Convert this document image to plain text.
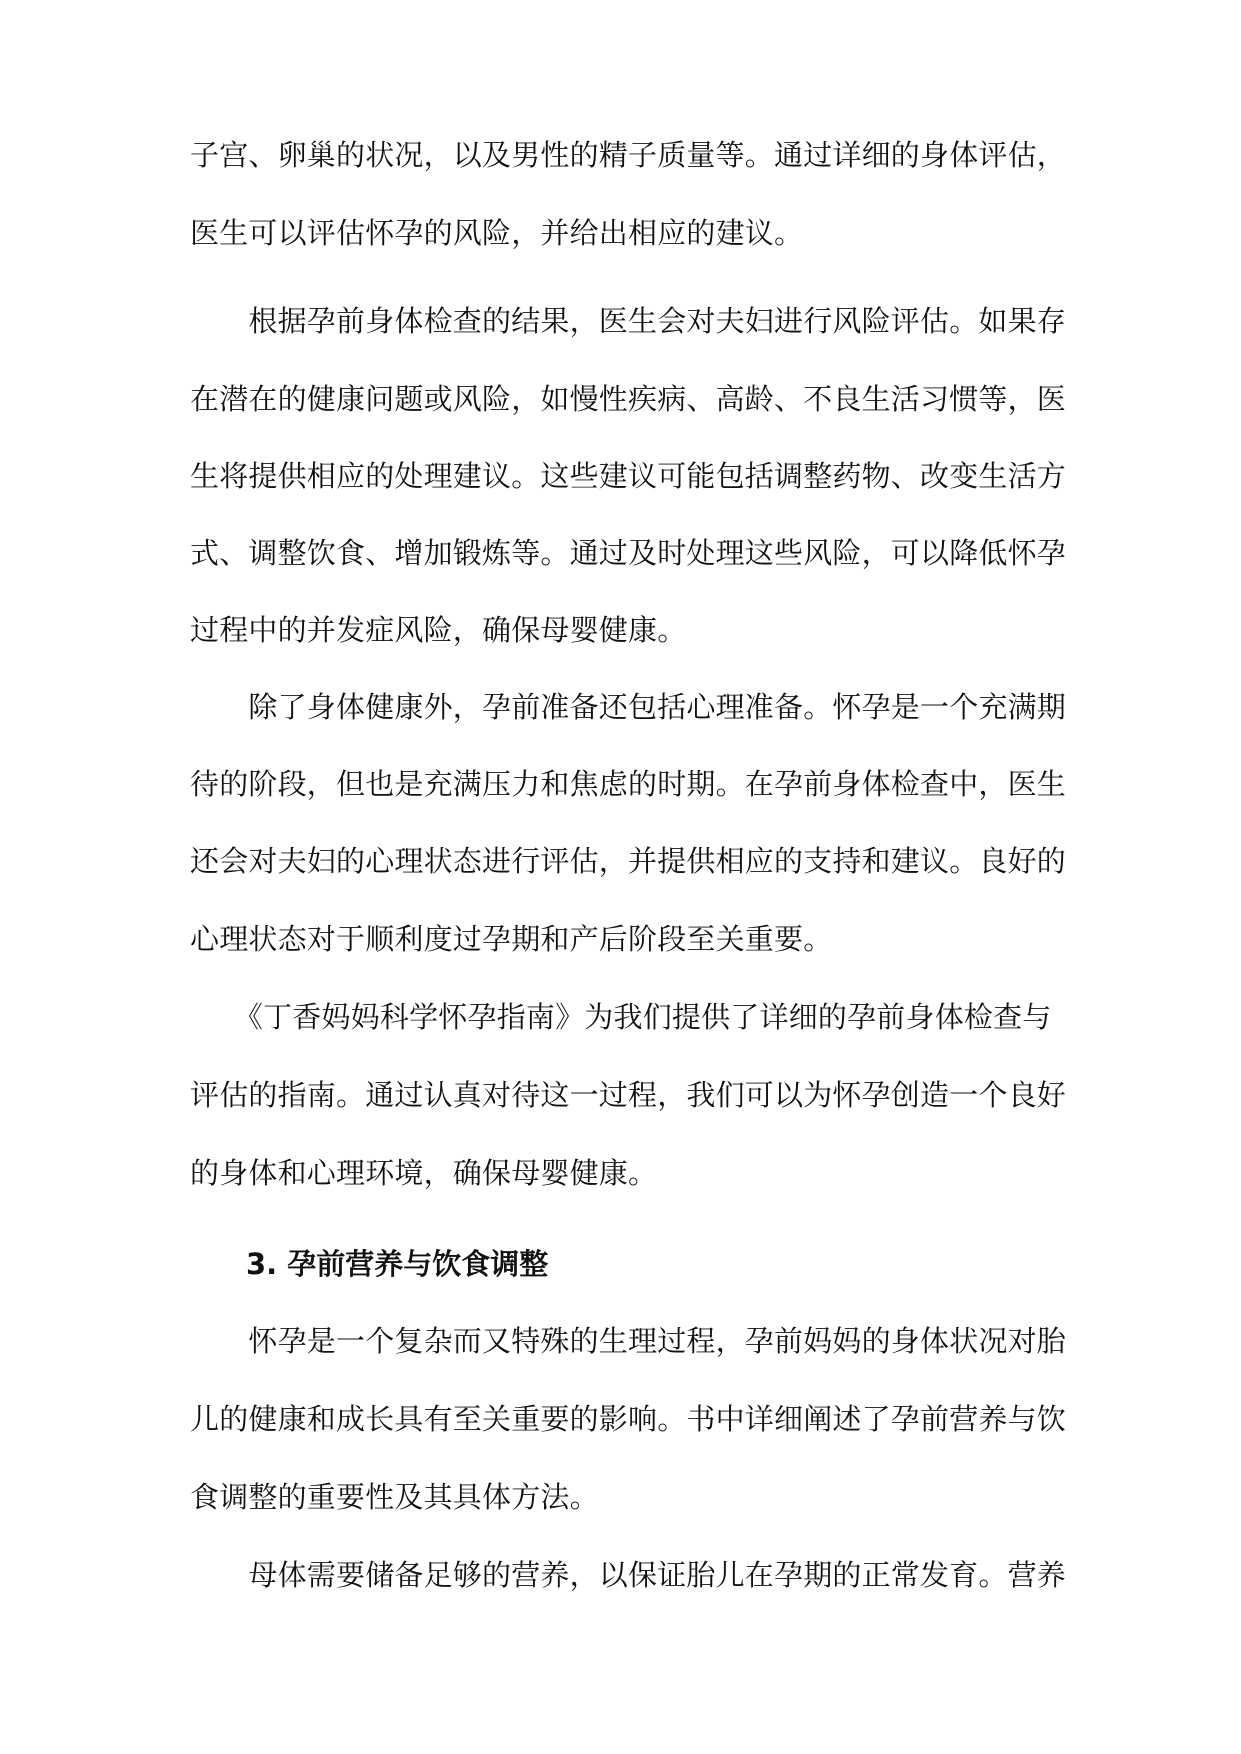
子宫、卵巢的状况，以及男性的精子质量等。通过详细的身体评估，
医生可以评估怀孕的风险，并给出相应的建议。
　　根据孕前身体检查的结果，医生会对夫妇进行风险评估。如果存
在潜在的健康问题或风险，如慢性疾病、高龄、不良生活习惯等，医
生将提供相应的处理建议。这些建议可能包括调整药物、改变生活方
式、调整饮食、增加锻炼等。通过及时处理这些风险，可以降低怀孕
过程中的并发症风险，确保母婴健康。
　　除了身体健康外，孕前准备还包括心理准备。怀孕是一个充满期
待的阶段，但也是充满压力和焦虑的时期。在孕前身体检查中，医生
还会对夫妇的心理状态进行评估，并提供相应的支持和建议。良好的
心理状态对于顺利度过孕期和产后阶段至关重要。
　　《丁香妈妈科学怀孕指南》为我们提供了详细的孕前身体检查与
评估的指南。通过认真对待这一过程，我们可以为怀孕创造一个良好
的身体和心理环境，确保母婴健康。
3. 孕前营养与饮食调整
　　怀孕是一个复杂而又特殊的生理过程，孕前妈妈的身体状况对胎
儿的健康和成长具有至关重要的影响。书中详细阐述了孕前营养与饮
食调整的重要性及其具体方法。
　　母体需要储备足够的营养，以保证胎儿在孕期的正常发育。营养
